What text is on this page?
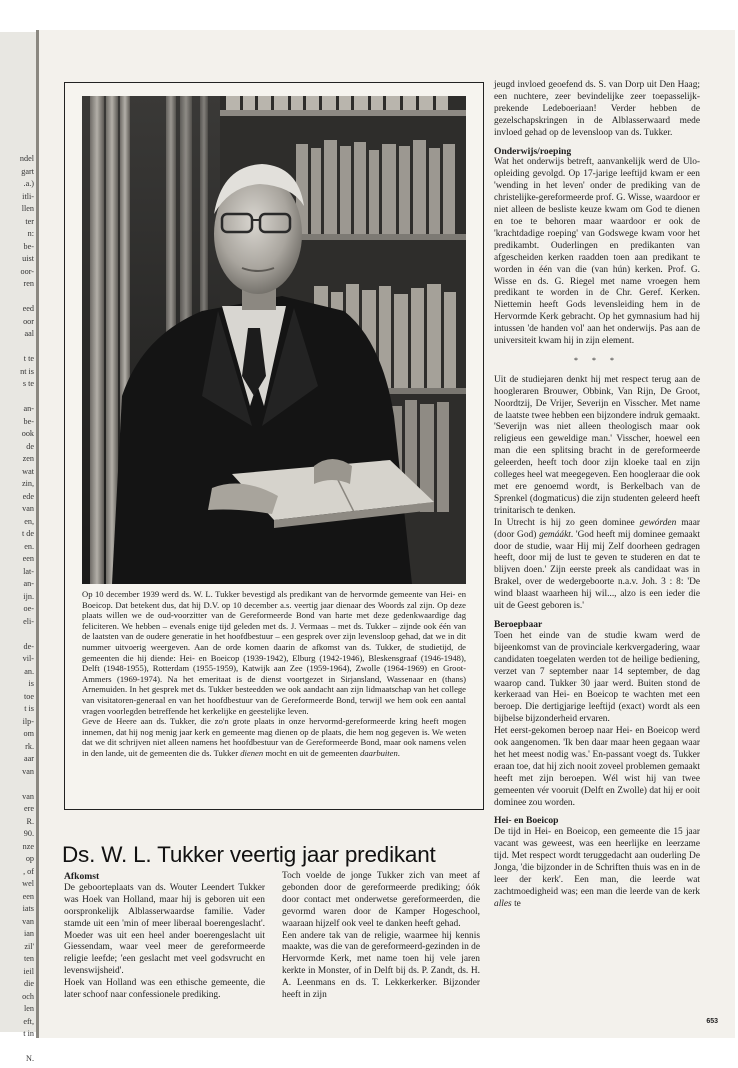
ndel
gart
.a.)
itli-
llen
ter
n:
be-
uist
oor-
ren
eed
oor
aal
t te
nt is
s te
an-
be-
ook
de
zen
wat
zin,
ede
van
en,
t de
en.
een
lat-
an-
ijn.
oe-
eli-
de-
vil-
an.
is
toe
t is
ilp-
om
rk.
aar
van
van
ere
R.
90.
nze
op
, of
wel
een
iats
van
ian
zil'
ten
ieil
die
och
len
eft,
t in
N.

Op 10 december 1939 werd ds. W. L. Tukker bevestigd als predikant van de hervormde gemeente van Hei- en Boeicop. Dat betekent dus, dat hij D.V. op 10 december a.s. veertig jaar dienaar des Woords zal zijn. Op deze plaats willen we de oud-voorzitter van de Gereformeerde Bond van harte met deze gedenkwaardige dag feliciteren. We hebben – evenals enige tijd geleden met ds. J. Vermaas – met ds. Tukker – zijnde ook één van de laatsten van de oudere generatie in het hoofdbestuur – een gesprek over zijn levensloop gehad, dat we in dit nummer uitvoerig weergeven. Aan de orde komen daarin de afkomst van ds. Tukker, de studietijd, de gemeenten die hij diende: Hei- en Boeicop (1939-1942), Elburg (1942-1946), Bleskensgraaf (1946-1948), Delft (1948-1955), Rotterdam (1955-1959), Katwijk aan Zee (1959-1964), Zwolle (1964-1969) en Groot-Ammers (1969-1974). Na het emeritaat is de dienst voortgezet in Sirjansland, Wassenaar en (thans) Arnemuiden. In het gesprek met ds. Tukker besteedden we ook aandacht aan zijn lidmaatschap van het college van visitatoren-generaal en van het hoofdbestuur van de Gereformeerde Bond, terwijl we hem ook een aantal vragen voorlegden betreffende het kerkelijke en geestelijke leven.

Geve de Heere aan ds. Tukker, die zo'n grote plaats in onze hervormd-gereformeerde kring heeft mogen innemen, dat hij nog menig jaar kerk en gemeente mag dienen op de plaats, die hem nog gegeven is. We weten dat we dit schrijven niet alleen namens het hoofdbestuur van de Gereformeerde Bond, maar ook namens velen in den lande, uit de gemeenten die ds. Tukker dienen mocht en uit de gemeenten daarbuiten.

Ds. W. L. Tukker veertig jaar predikant

Afkomst

De geboorteplaats van ds. Wouter Leendert Tukker was Hoek van Holland, maar hij is geboren uit een oorspronkelijk Alblasserwaardse familie. Vader stamde uit een 'min of meer liberaal boerengeslacht'. Moeder was uit een heel ander boerengeslacht uit Giessendam, waar veel meer de gereformeerde religie leefde; 'een geslacht met veel godsvrucht en levenswijsheid'.

Hoek van Holland was een ethische gemeente, die later schoof naar confessionele prediking.

Toch voelde de jonge Tukker zich van meet af gebonden door de gereformeerde prediking; óók door contact met onderwetse gereformeerden, die gevormd waren door de Kamper Hogeschool, waaraan hijzelf ook veel te danken heeft gehad.

Een andere tak van de religie, waarmee hij kennis maakte, was die van de gereformeerd-gezinden in de Hervormde Kerk, met name toen hij vele jaren kerkte in Monster, of in Delft bij ds. P. Zandt, ds. H. A. Leenmans en ds. T. Lekkerkerker. Bijzonder heeft in zijn

jeugd invloed geoefend ds. S. van Dorp uit Den Haag; een nuchtere, zeer bevindelijke zeer toepasselijk-prekende Ledeboeriaan! Verder hebben de gezelschapskringen in de Alblasserwaard mede invloed gehad op de levensloop van ds. Tukker.

Onderwijs/roeping

Wat het onderwijs betreft, aanvankelijk werd de Ulo-opleiding gevolgd. Op 17-jarige leeftijd kwam er een 'wending in het leven' onder de prediking van de christelijke-gereformeerde prof. G. Wisse, waardoor er niet alleen de besliste keuze kwam om God te dienen en toe te behoren maar waardoor er ook de 'krachtdadige roeping' van Godswege kwam voor het predikambt. Ouderlingen en predikanten van afgescheiden kerken raadden toen aan predikant te worden in één van die (van hún) kerken. Prof. G. Wisse en ds. G. Riegel met name vroegen hem predikant te worden in de Chr. Geref. Kerken. Niettemin heeft Gods levensleiding hem in de Hervormde Kerk gebracht. Op het gymnasium had hij intussen 'de handen vol' aan het onderwijs. Pas aan de universiteit kwam hij in zijn element.

* * *

Uit de studiejaren denkt hij met respect terug aan de hoogleraren Brouwer, Obbink, Van Rijn, De Groot, Noordtzij, De Vrijer, Severijn en Visscher. Met name de laatste twee hebben een bijzondere indruk gemaakt. 'Severijn was niet alleen theologisch maar ook religieus een geweldige man.' Visscher, hoewel een man die een splitsing bracht in de gereformeerde geleerden, heeft toch door zijn kloeke taal en zijn colleges heel wat meegegeven. Een hoogleraar die ook met ere genoemd wordt, is Berkelbach van de Sprenkel (dogmaticus) die zijn studenten geleerd heeft trinitarisch te denken.

In Utrecht is hij zo geen dominee gewórden maar (door God) gemáákt. 'God heeft mij dominee gemaakt door de studie, waar Hij mij Zelf doorheen gedragen heeft, door mij de lust te geven te studeren en dat te blijven doen.' Zijn eerste preek als candidaat was in Brakel, over de wedergeboorte n.a.v. Joh. 3 : 8: 'De wind blaast waarheen hij wil..., alzo is een ieder die uit de Geest geboren is.'

Beroepbaar

Toen het einde van de studie kwam werd de bijeenkomst van de provinciale kerkvergadering, waar candidaten toegelaten werden tot de heilige bediening, verzet van 7 september naar 14 september, de dag waarop cand. Tukker 30 jaar werd. Buiten stond de kerkeraad van Hei- en Boeicop te wachten met een beroep. Die dertigjarige leeftijd (exact) wordt als een bijbelse bijzonderheid ervaren.

Het eerst-gekomen beroep naar Hei- en Boeicop werd ook aangenomen. 'Ik ben daar maar heen gegaan waar het het meest nodig was.' En-passant voegt ds. Tukker eraan toe, dat hij zich nooit zoveel problemen gemaakt heeft met zijn beroepen. Wél wist hij van twee gemeenten vér vooruit (Delft en Zwolle) dat hij er ooit dominee zou worden.

Hei- en Boeicop

De tijd in Hei- en Boeicop, een gemeente die 15 jaar vacant was geweest, was een heerlijke en leerzame tijd. Met respect wordt teruggedacht aan ouderling De Jonga, 'die bijzonder in de Schriften thuis was en in de leer der kerk'. Een man, die leerde wat zachtmoedigheid was; een man die leerde van de kerk alles te

653
